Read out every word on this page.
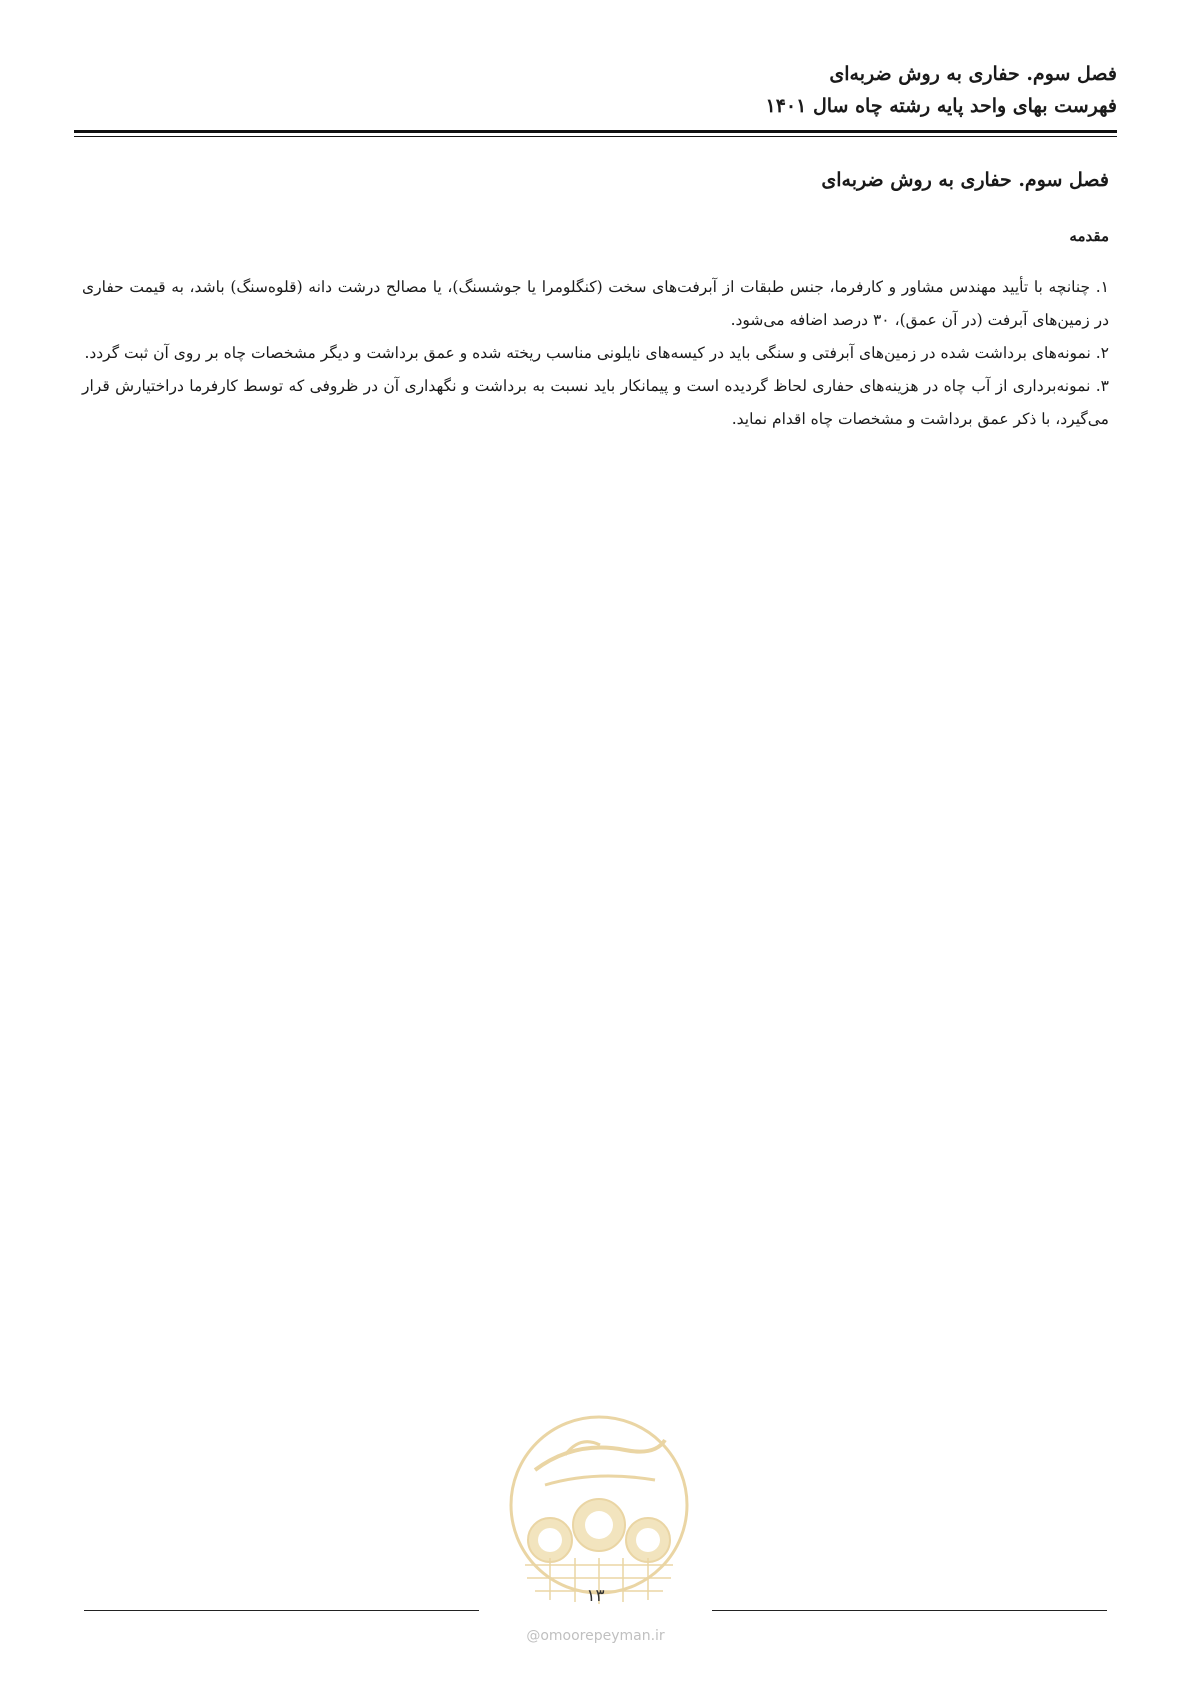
فصل سوم. حفاری به روش ضربه‌ای

فهرست بهای واحد پایه رشته چاه سال ۱۴۰۱

فصل سوم. حفاری به روش ضربه‌ای
مقدمه

۱. چنانچه با تأیید مهندس مشاور و کارفرما، جنس طبقات از آبرفت‌های سخت (کنگلومرا یا جوشسنگ)، یا مصالح درشت دانه (قلوه‌سنگ) باشد، به قیمت حفاری در زمین‌های آبرفت (در آن عمق)، ۳۰ درصد اضافه می‌شود.

۲. نمونه‌های برداشت شده در زمین‌های آبرفتی و سنگی باید در کیسه‌های نایلونی مناسب ریخته شده و عمق برداشت و دیگر مشخصات چاه بر روی آن ثبت گردد.

۳. نمونه‌برداری از آب چاه در هزینه‌های حفاری لحاظ گردیده است و پیمانکار باید نسبت به برداشت و نگهداری آن در ظروفی که توسط کارفرما دراختیارش قرار می‌گیرد، با ذکر عمق برداشت و مشخصات چاه اقدام نماید.

۱۳
@omoorepeyman.ir
